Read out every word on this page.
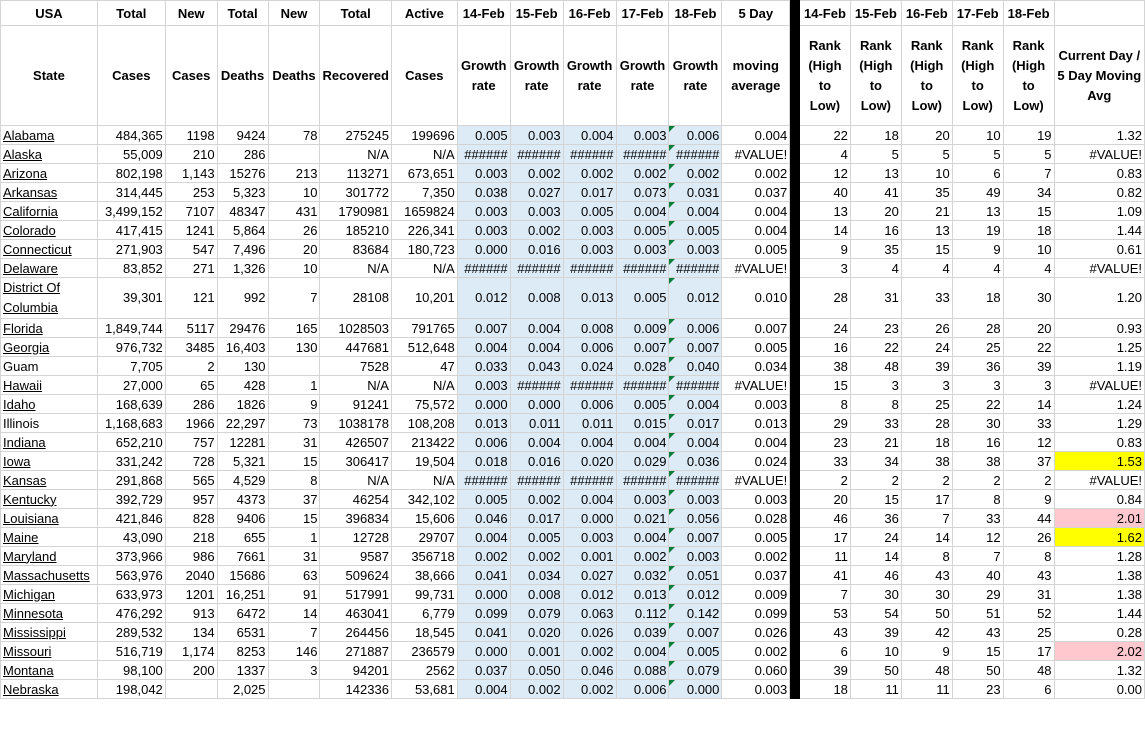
USA	Total	New	Total	New	Total	Active	14-Feb	15-Feb	16-Feb	17-Feb	18-Feb	5 Day		14-Feb	15-Feb	16-Feb	17-Feb	18-Feb	
State	Cases	Cases	Deaths	Deaths	Recovered	Cases	Growth rate	Growth rate	Growth rate	Growth rate	Growth rate	moving average		Rank (High to Low)	Rank (High to Low)	Rank (High to Low)	Rank (High to Low)	Rank (High to Low)	Current Day / 5 Day Moving Avg
Alabama	484,365	1198	9424	78	275245	199696	0.005	0.003	0.004	0.003	0.006	0.004		22	18	20	10	19	1.32
Alaska	55,009	210	286		N/A	N/A	######	######	######	######	######	#VALUE!		4	5	5	5	5	#VALUE!
Arizona	802,198	1,143	15276	213	113271	673,651	0.003	0.002	0.002	0.002	0.002	0.002		12	13	10	6	7	0.83
Arkansas	314,445	253	5,323	10	301772	7,350	0.038	0.027	0.017	0.073	0.031	0.037		40	41	35	49	34	0.82
California	3,499,152	7107	48347	431	1790981	1659824	0.003	0.003	0.005	0.004	0.004	0.004		13	20	21	13	15	1.09
Colorado	417,415	1241	5,864	26	185210	226,341	0.003	0.002	0.003	0.005	0.005	0.004		14	16	13	19	18	1.44
Connecticut	271,903	547	7,496	20	83684	180,723	0.000	0.016	0.003	0.003	0.003	0.005		9	35	15	9	10	0.61
Delaware	83,852	271	1,326	10	N/A	N/A	######	######	######	######	######	#VALUE!		3	4	4	4	4	#VALUE!
District Of Columbia	39,301	121	992	7	28108	10,201	0.012	0.008	0.013	0.005	0.012	0.010		28	31	33	18	30	1.20
Florida	1,849,744	5117	29476	165	1028503	791765	0.007	0.004	0.008	0.009	0.006	0.007		24	23	26	28	20	0.93
Georgia	976,732	3485	16,403	130	447681	512,648	0.004	0.004	0.006	0.007	0.007	0.005		16	22	24	25	22	1.25
Guam	7,705	2	130		7528	47	0.033	0.043	0.024	0.028	0.040	0.034		38	48	39	36	39	1.19
Hawaii	27,000	65	428	1	N/A	N/A	0.003	######	######	######	######	#VALUE!		15	3	3	3	3	#VALUE!
Idaho	168,639	286	1826	9	91241	75,572	0.000	0.000	0.006	0.005	0.004	0.003		8	8	25	22	14	1.24
Illinois	1,168,683	1966	22,297	73	1038178	108,208	0.013	0.011	0.011	0.015	0.017	0.013		29	33	28	30	33	1.29
Indiana	652,210	757	12281	31	426507	213422	0.006	0.004	0.004	0.004	0.004	0.004		23	21	18	16	12	0.83
Iowa	331,242	728	5,321	15	306417	19,504	0.018	0.016	0.020	0.029	0.036	0.024		33	34	38	38	37	1.53
Kansas	291,868	565	4,529	8	N/A	N/A	######	######	######	######	######	#VALUE!		2	2	2	2	2	#VALUE!
Kentucky	392,729	957	4373	37	46254	342,102	0.005	0.002	0.004	0.003	0.003	0.003		20	15	17	8	9	0.84
Louisiana	421,846	828	9406	15	396834	15,606	0.046	0.017	0.000	0.021	0.056	0.028		46	36	7	33	44	2.01
Maine	43,090	218	655	1	12728	29707	0.004	0.005	0.003	0.004	0.007	0.005		17	24	14	12	26	1.62
Maryland	373,966	986	7661	31	9587	356718	0.002	0.002	0.001	0.002	0.003	0.002		11	14	8	7	8	1.28
Massachusetts	563,976	2040	15686	63	509624	38,666	0.041	0.034	0.027	0.032	0.051	0.037		41	46	43	40	43	1.38
Michigan	633,973	1201	16,251	91	517991	99,731	0.000	0.008	0.012	0.013	0.012	0.009		7	30	30	29	31	1.38
Minnesota	476,292	913	6472	14	463041	6,779	0.099	0.079	0.063	0.112	0.142	0.099		53	54	50	51	52	1.44
Mississippi	289,532	134	6531	7	264456	18,545	0.041	0.020	0.026	0.039	0.007	0.026		43	39	42	43	25	0.28
Missouri	516,719	1,174	8253	146	271887	236579	0.000	0.001	0.002	0.004	0.005	0.002		6	10	9	15	17	2.02
Montana	98,100	200	1337	3	94201	2562	0.037	0.050	0.046	0.088	0.079	0.060		39	50	48	50	48	1.32
Nebraska	198,042		2,025		142336	53,681	0.004	0.002	0.002	0.006	0.000	0.003		18	11	11	23	6	0.00
